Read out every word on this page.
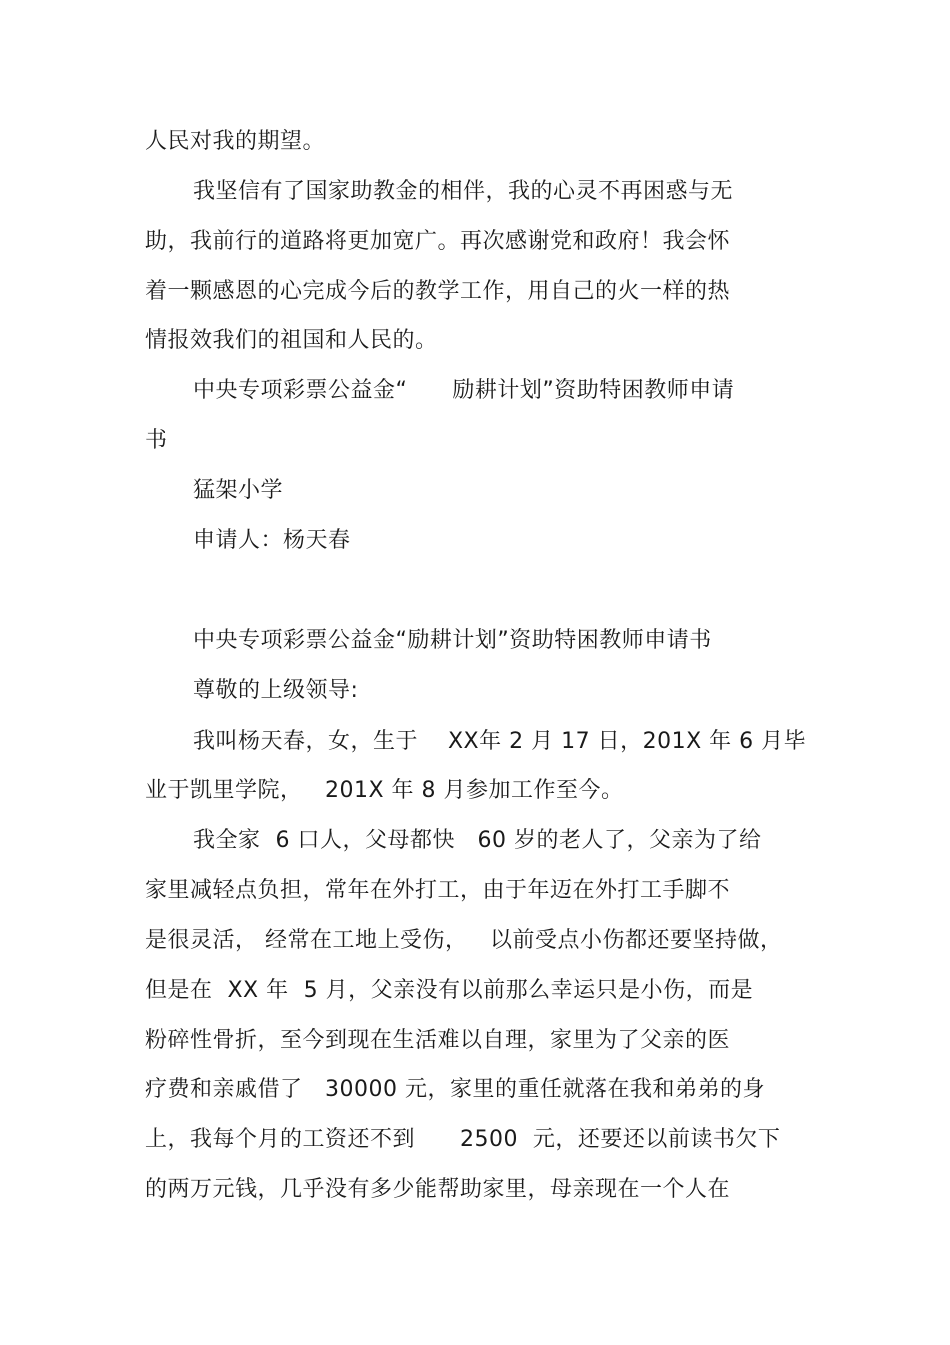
人民对我的期望。
我坚信有了国家助教金的相伴，我的心灵不再困惑与无
助，我前行的道路将更加宽广。再次感谢党和政府！我会怀
着一颗感恩的心完成今后的教学工作，用自己的火一样的热
情报效我们的祖国和人民的。
中央专项彩票公益金“      励耕计划”资助特困教师申请
书
猛架小学
申请人：杨天春
中央专项彩票公益金“励耕计划”资助特困教师申请书
尊敬的上级领导:
我叫杨天春，女，生于    XX年 2 月 17 日，201X 年 6 月毕
业于凯里学院，   201X 年 8 月参加工作至今。
我全家  6 口人，父母都快   60 岁的老人了，父亲为了给
家里减轻点负担，常年在外打工，由于年迈在外打工手脚不
是很灵活， 经常在工地上受伤，   以前受点小伤都还要坚持做，
但是在  XX 年  5 月，父亲没有以前那么幸运只是小伤，而是
粉碎性骨折，至今到现在生活难以自理，家里为了父亲的医
疗费和亲戚借了   30000 元，家里的重任就落在我和弟弟的身
上，我每个月的工资还不到      2500  元，还要还以前读书欠下
的两万元钱，几乎没有多少能帮助家里，母亲现在一个人在
